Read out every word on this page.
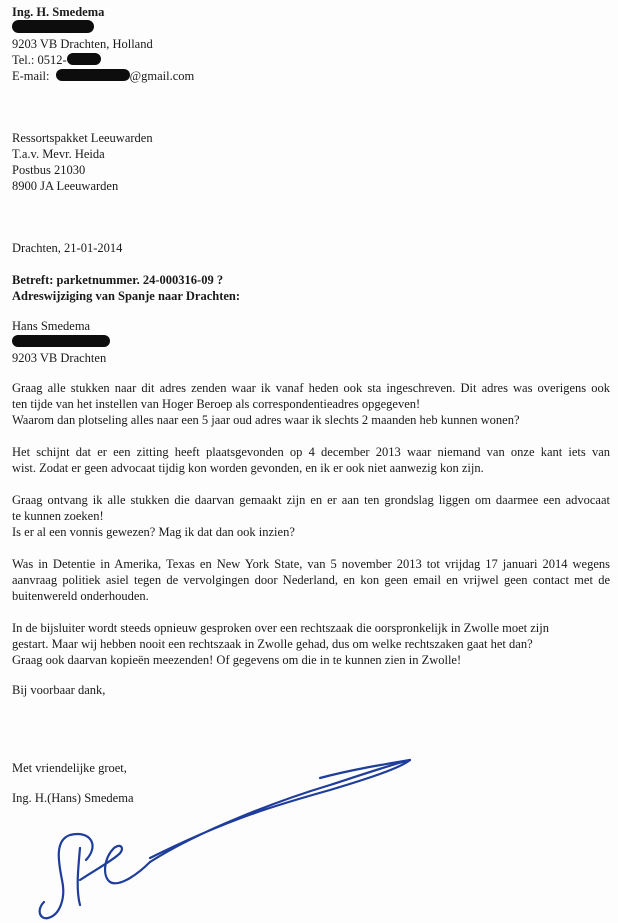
Ing. H. Smedema
9203 VB Drachten, Holland
Tel.: 0512-
E-mail:	@gmail.com
Ressortspakket Leeuwarden
T.a.v. Mevr. Heida
Postbus 21030
8900 JA Leeuwarden
Drachten, 21-01-2014
Betreft: parketnummer. 24-000316-09 ?
Adreswijziging van Spanje naar Drachten:
Hans Smedema
9203 VB Drachten
Graag alle stukken naar dit adres zenden waar ik vanaf heden ook sta ingeschreven. Dit adres was overigens ook
ten tijde van het instellen van Hoger Beroep als correspondentieadres opgegeven!
Waarom dan plotseling alles naar een 5 jaar oud adres waar ik slechts 2 maanden heb kunnen wonen?
Het schijnt dat er een zitting heeft plaatsgevonden op 4 december 2013 waar niemand van onze kant iets van
wist. Zodat er geen advocaat tijdig kon worden gevonden, en ik er ook niet aanwezig kon zijn.
Graag ontvang ik alle stukken die daarvan gemaakt zijn en er aan ten grondslag liggen om daarmee een advocaat
te kunnen zoeken!
Is er al een vonnis gewezen? Mag ik dat dan ook inzien?
Was in Detentie in Amerika, Texas en New York State, van 5 november 2013 tot vrijdag 17 januari 2014 wegens
aanvraag politiek asiel tegen de vervolgingen door Nederland, en kon geen email en vrijwel geen contact met de
buitenwereld onderhouden.
In de bijsluiter wordt steeds opnieuw gesproken over een rechtszaak die oorspronkelijk in Zwolle moet zijn
gestart. Maar wij hebben nooit een rechtszaak in Zwolle gehad, dus om welke rechtszaken gaat het dan?
Graag ook daarvan kopieën meezenden! Of gegevens om die in te kunnen zien in Zwolle!
Bij voorbaar dank,
Met vriendelijke groet,
Ing. H.(Hans) Smedema
